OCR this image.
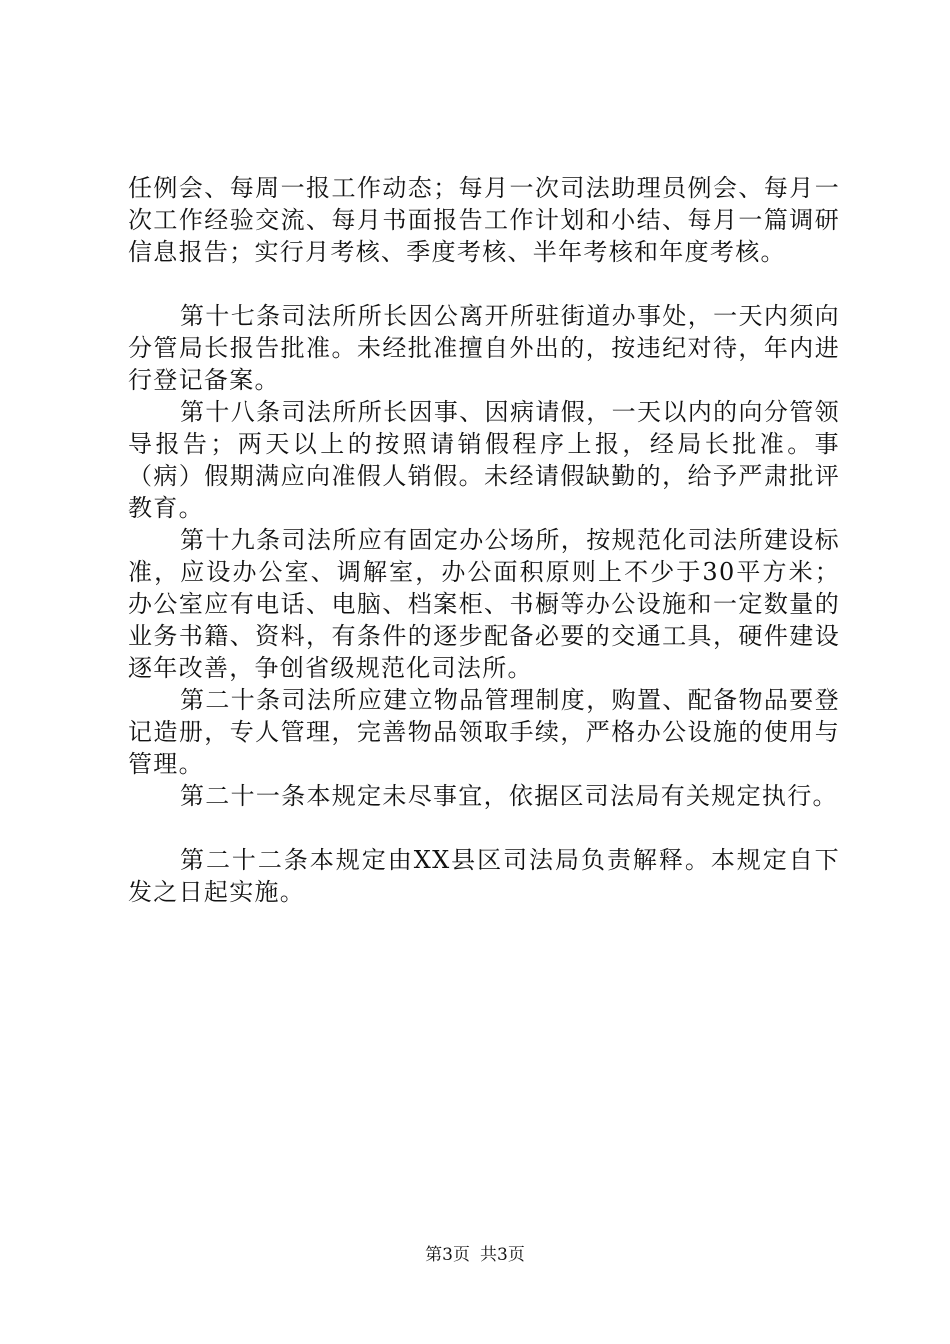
任例会、每周一报工作动态；每月一次司法助理员例会、每月一次工作经验交流、每月书面报告工作计划和小结、每月一篇调研信息报告；实行月考核、季度考核、半年考核和年度考核。

第十七条司法所所长因公离开所驻街道办事处，一天内须向分管局长报告批准。未经批准擅自外出的，按违纪对待，年内进行登记备案。

第十八条司法所所长因事、因病请假，一天以内的向分管领导报告；两天以上的按照请销假程序上报，经局长批准。事（病）假期满应向准假人销假。未经请假缺勤的，给予严肃批评教育。

第十九条司法所应有固定办公场所，按规范化司法所建设标准，应设办公室、调解室，办公面积原则上不少于30平方米；办公室应有电话、电脑、档案柜、书橱等办公设施和一定数量的业务书籍、资料，有条件的逐步配备必要的交通工具，硬件建设逐年改善，争创省级规范化司法所。

第二十条司法所应建立物品管理制度，购置、配备物品要登记造册，专人管理，完善物品领取手续，严格办公设施的使用与管理。

第二十一条本规定未尽事宜，依据区司法局有关规定执行。

第二十二条本规定由XX县区司法局负责解释。本规定自下发之日起实施。

第3页 共3页
